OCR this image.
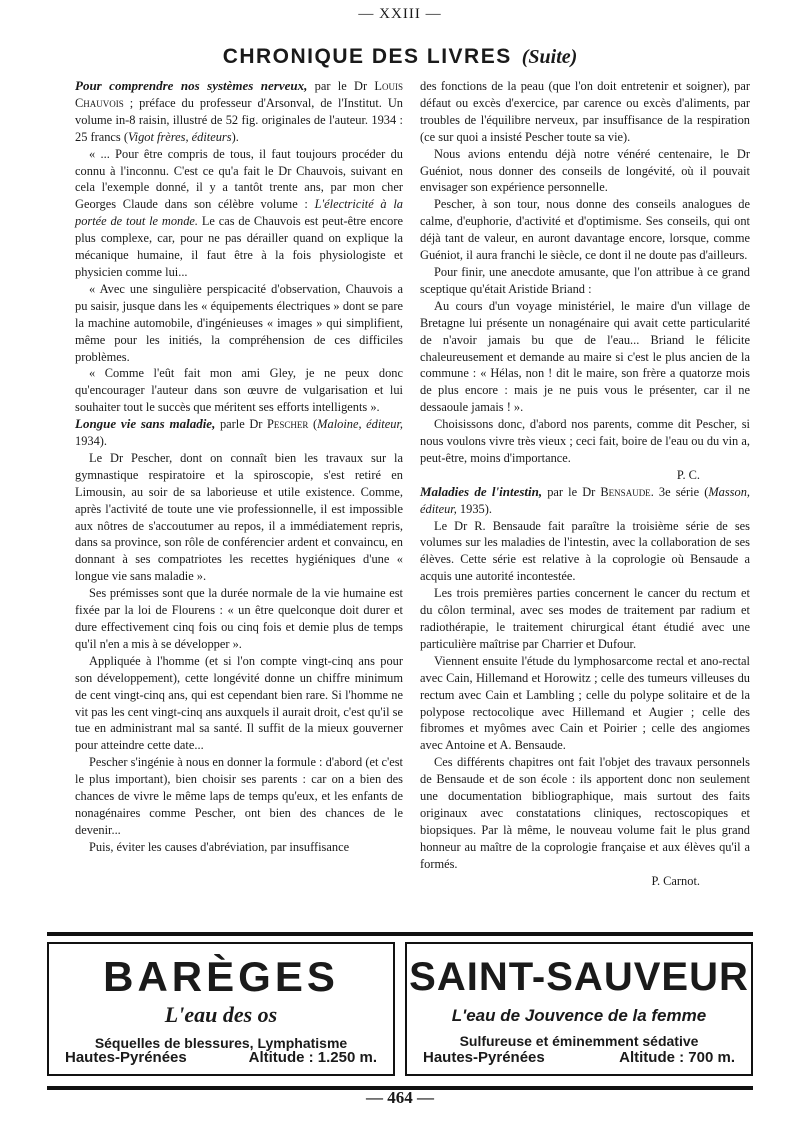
— XXIII —
CHRONIQUE DES LIVRES (Suite)

Pour comprendre nos systèmes nerveux, par le Dr Louis Chauvois ; préface du professeur d'Arsonval, de l'Institut. Un volume in-8 raisin, illustré de 52 fig. originales de l'auteur. 1934 : 25 francs (Vigot frères, éditeurs).

« ... Pour être compris de tous, il faut toujours procéder du connu à l'inconnu. C'est ce qu'a fait le Dr Chauvois, suivant en cela l'exemple donné, il y a tantôt trente ans, par mon cher Georges Claude dans son célèbre volume : L'électricité à la portée de tout le monde. Le cas de Chauvois est peut-être encore plus complexe, car, pour ne pas dérailler quand on explique la mécanique humaine, il faut être à la fois physiologiste et physicien comme lui...

« Avec une singulière perspicacité d'observation, Chauvois a pu saisir, jusque dans les « équipements électriques » dont se pare la machine automobile, d'ingénieuses « images » qui simplifient, même pour les initiés, la compréhension de ces difficiles problèmes.

« Comme l'eût fait mon ami Gley, je ne peux donc qu'encourager l'auteur dans son œuvre de vulgarisation et lui souhaiter tout le succès que méritent ses efforts intelligents ».

Longue vie sans maladie, parle Dr Pescher (Maloine, éditeur, 1934).

Le Dr Pescher, dont on connaît bien les travaux sur la gymnastique respiratoire et la spiroscopie, s'est retiré en Limousin, au soir de sa laborieuse et utile existence. Comme, après l'activité de toute une vie professionnelle, il est impossible aux nôtres de s'accoutumer au repos, il a immédiatement repris, dans sa province, son rôle de conférencier ardent et convaincu, en donnant à ses compatriotes les recettes hygiéniques d'une « longue vie sans maladie ».

Ses prémisses sont que la durée normale de la vie humaine est fixée par la loi de Flourens : « un être quelconque doit durer et dure effectivement cinq fois ou cinq fois et demie plus de temps qu'il n'en a mis à se développer ».

Appliquée à l'homme (et si l'on compte vingt-cinq ans pour son développement), cette longévité donne un chiffre minimum de cent vingt-cinq ans, qui est cependant bien rare. Si l'homme ne vit pas les cent vingt-cinq ans auxquels il aurait droit, c'est qu'il se tue en administrant mal sa santé. Il suffit de la mieux gouverner pour atteindre cette date...

Pescher s'ingénie à nous en donner la formule : d'abord (et c'est le plus important), bien choisir ses parents : car on a bien des chances de vivre le même laps de temps qu'eux, et les enfants de nonagénaires comme Pescher, ont bien des chances de le devenir...

Puis, éviter les causes d'abréviation, par insuffisance

des fonctions de la peau (que l'on doit entretenir et soigner), par défaut ou excès d'exercice, par carence ou excès d'aliments, par troubles de l'équilibre nerveux, par insuffisance de la respiration (ce sur quoi a insisté Pescher toute sa vie).

Nous avions entendu déjà notre vénéré centenaire, le Dr Guéniot, nous donner des conseils de longévité, où il pouvait envisager son expérience personnelle.

Pescher, à son tour, nous donne des conseils analogues de calme, d'euphorie, d'activité et d'optimisme. Ses conseils, qui ont déjà tant de valeur, en auront davantage encore, lorsque, comme Guéniot, il aura franchi le siècle, ce dont il ne doute pas d'ailleurs.

Pour finir, une anecdote amusante, que l'on attribue à ce grand sceptique qu'était Aristide Briand :

Au cours d'un voyage ministériel, le maire d'un village de Bretagne lui présente un nonagénaire qui avait cette particularité de n'avoir jamais bu que de l'eau... Briand le félicite chaleureusement et demande au maire si c'est le plus ancien de la commune : « Hélas, non ! dit le maire, son frère a quatorze mois de plus encore : mais je ne puis vous le présenter, car il ne dessaoule jamais ! ».

Choisissons donc, d'abord nos parents, comme dit Pescher, si nous voulons vivre très vieux ; ceci fait, boire de l'eau ou du vin a, peut-être, moins d'importance.

P. C.

Maladies de l'intestin, par le Dr Bensaude. 3e série (Masson, éditeur, 1935).

Le Dr R. Bensaude fait paraître la troisième série de ses volumes sur les maladies de l'intestin, avec la collaboration de ses élèves. Cette série est relative à la coprologie où Bensaude a acquis une autorité incontestée.

Les trois premières parties concernent le cancer du rectum et du côlon terminal, avec ses modes de traitement par radium et radiothérapie, le traitement chirurgical étant étudié avec une particulière maîtrise par Charrier et Dufour.

Viennent ensuite l'étude du lymphosarcome rectal et ano-rectal avec Cain, Hillemand et Horowitz ; celle des tumeurs villeuses du rectum avec Cain et Lambling ; celle du polype solitaire et de la polypose rectocolique avec Hillemand et Augier ; celle des fibromes et myômes avec Cain et Poirier ; celle des angiomes avec Antoine et A. Bensaude.

Ces différents chapitres ont fait l'objet des travaux personnels de Bensaude et de son école : ils apportent donc non seulement une documentation bibliographique, mais surtout des faits originaux avec constatations cliniques, rectoscopiques et biopsiques. Par là même, le nouveau volume fait le plus grand honneur au maître de la coprologie française et aux élèves qu'il a formés.

P. Carnot.

BARÈGES
L'eau des os
Séquelles de blessures, Lymphatisme
Hautes-Pyrénées	Altitude : 1.250 m.
SAINT-SAUVEUR
L'eau de Jouvence de la femme
Sulfureuse et éminemment sédative
Hautes-Pyrénées	Altitude : 700 m.
— 464 —
